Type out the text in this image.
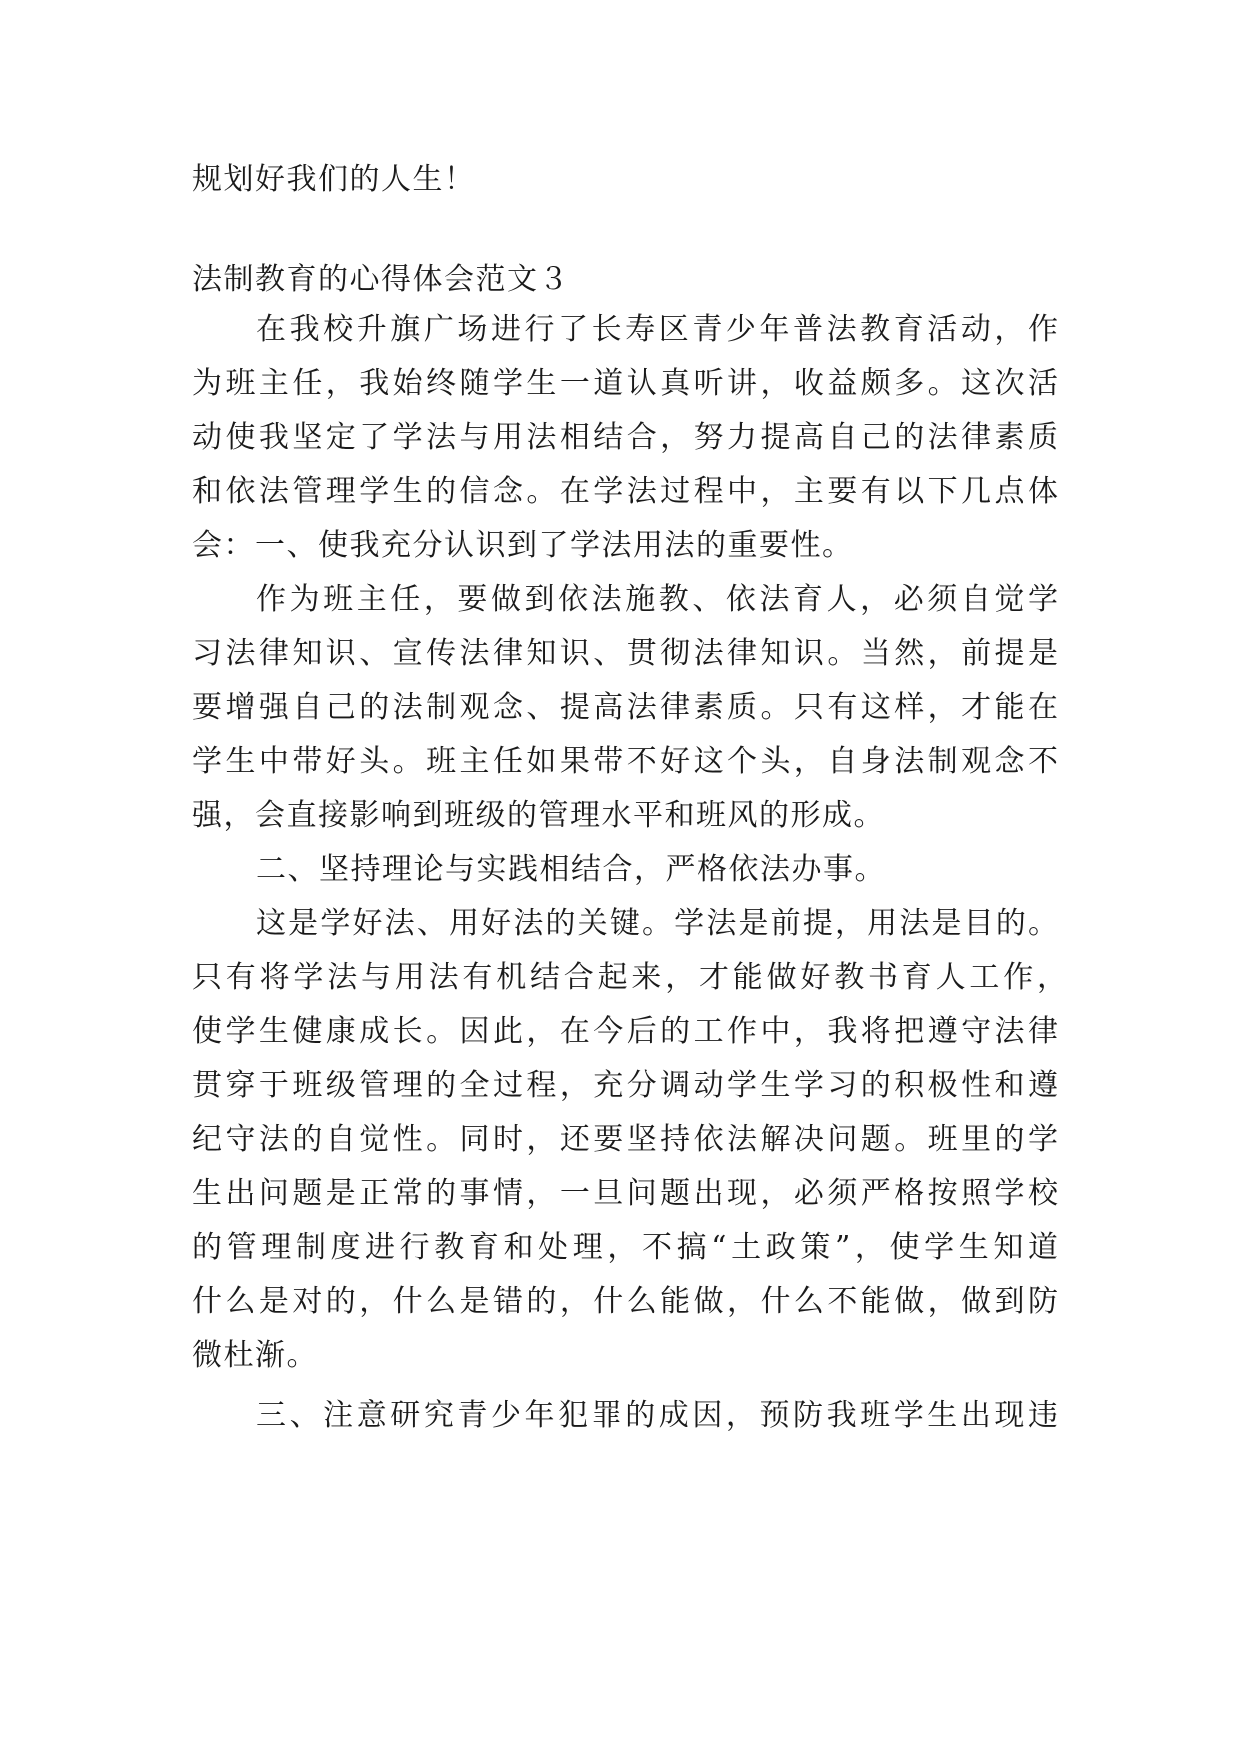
规划好我们的人生！
法制教育的心得体会范文３
在我校升旗广场进行了长寿区青少年普法教育活动，作
为班主任，我始终随学生一道认真听讲，收益颇多。这次活
动使我坚定了学法与用法相结合，努力提高自己的法律素质
和依法管理学生的信念。在学法过程中，主要有以下几点体
会：一、使我充分认识到了学法用法的重要性。
作为班主任，要做到依法施教、依法育人，必须自觉学
习法律知识、宣传法律知识、贯彻法律知识。当然，前提是
要增强自己的法制观念、提高法律素质。只有这样，才能在
学生中带好头。班主任如果带不好这个头，自身法制观念不
强，会直接影响到班级的管理水平和班风的形成。
二、坚持理论与实践相结合，严格依法办事。
这是学好法、用好法的关键。学法是前提，用法是目的。
只有将学法与用法有机结合起来，才能做好教书育人工作，
使学生健康成长。因此，在今后的工作中，我将把遵守法律
贯穿于班级管理的全过程，充分调动学生学习的积极性和遵
纪守法的自觉性。同时，还要坚持依法解决问题。班里的学
生出问题是正常的事情，一旦问题出现，必须严格按照学校
的管理制度进行教育和处理，不搞“土政策”，使学生知道
什么是对的，什么是错的，什么能做，什么不能做，做到防
微杜渐。
三、注意研究青少年犯罪的成因，预防我班学生出现违
